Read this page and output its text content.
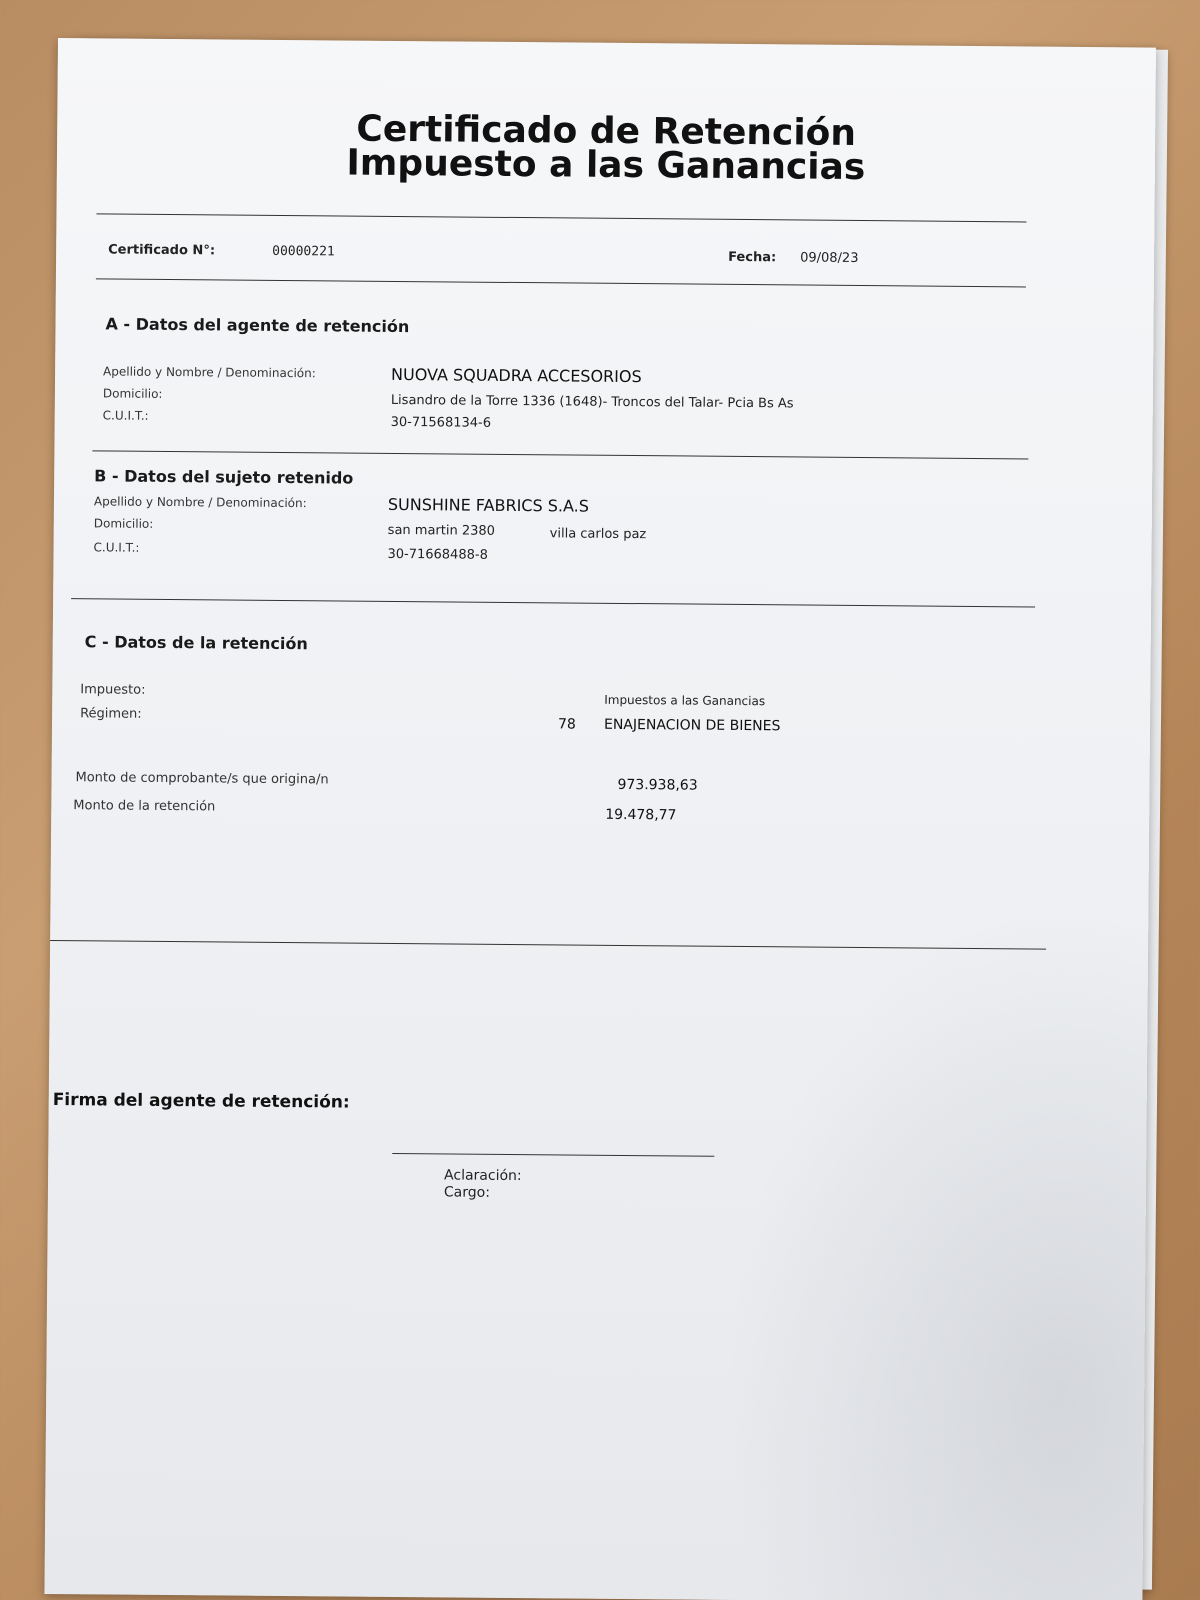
Certificado de Retención
Impuesto a las Ganancias
Certificado N°:	00000221	Fecha: 09/08/23
A - Datos del agente de retención
Apellido y Nombre / Denominación:	NUOVA SQUADRA ACCESORIOS
Domicilio:	Lisandro de la Torre 1336 (1648)- Troncos del Talar- Pcia Bs As
C.U.I.T.:	30-71568134-6
B - Datos del sujeto retenido
Apellido y Nombre / Denominación:	SUNSHINE FABRICS S.A.S
Domicilio:	san martin 2380	villa carlos paz
C.U.I.T.:	30-71668488-8
C - Datos de la retención
Impuesto:
Impuestos a las Ganancias
Régimen:
78 ENAJENACION DE BIENES
Monto de comprobante/s que origina/n	973.938,63
Monto de la retención
19.478,77
Firma del agente de retención:
Aclaración:
Cargo:
